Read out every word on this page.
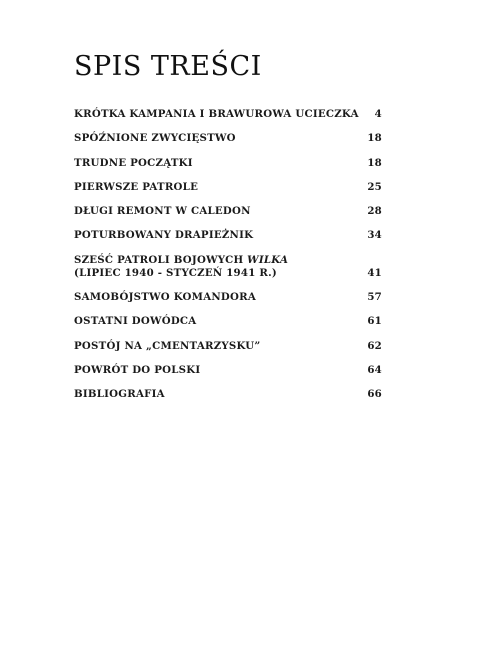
SPIS TREŚCI
KRÓTKA KAMPANIA I BRAWUROWA UCIECZKA	4
SPÓŹNIONE ZWYCIĘSTWO	18
TRUDNE POCZĄTKI	18
PIERWSZE PATROLE	25
DŁUGI REMONT W CALEDON	28
POTURBOWANY DRAPIEŻNIK	34
SZEŚĆ PATROLI BOJOWYCH WILKA
(LIPIEC 1940 - STYCZEŃ 1941 R.)	41
SAMOBÓJSTWO KOMANDORA	57
OSTATNI DOWÓDCA	61
POSTÓJ NA „CMENTARZYSKU”	62
POWRÓT DO POLSKI	64
BIBLIOGRAFIA	66
